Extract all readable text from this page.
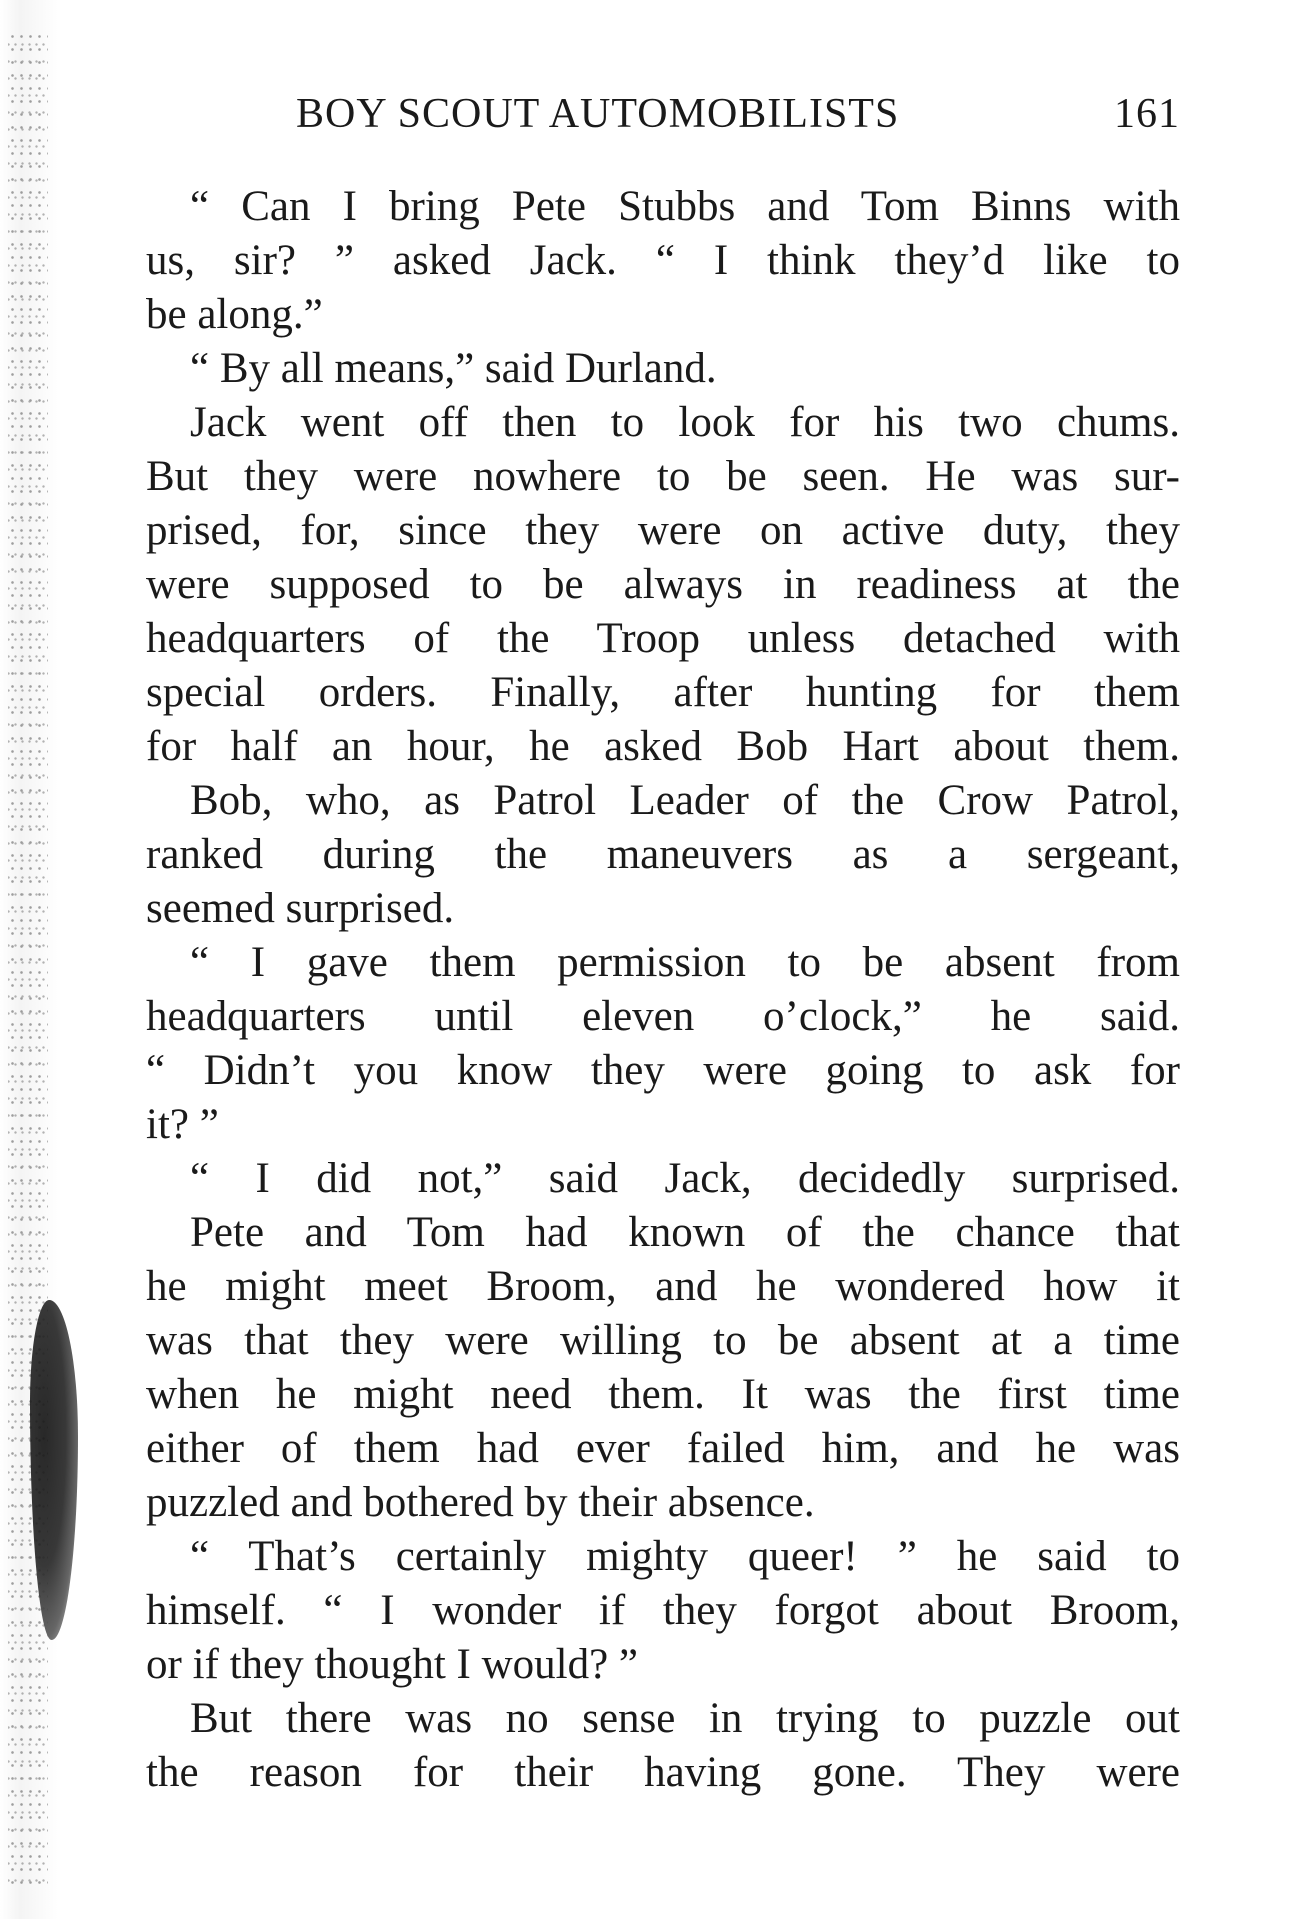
BOY SCOUT AUTOMOBILISTS	161
“ Can I bring Pete Stubbs and Tom Binns with
us, sir? ” asked Jack. “ I think they’d like to
be along.”
“ By all means,” said Durland.
Jack went off then to look for his two chums.
But they were nowhere to be seen. He was sur-
prised, for, since they were on active duty, they
were supposed to be always in readiness at the
headquarters of the Troop unless detached with
special orders. Finally, after hunting for them
for half an hour, he asked Bob Hart about them.
Bob, who, as Patrol Leader of the Crow Patrol,
ranked during the maneuvers as a sergeant,
seemed surprised.
“ I gave them permission to be absent from
headquarters until eleven o’clock,” he said.
“ Didn’t you know they were going to ask for
it? ”
“ I did not,” said Jack, decidedly surprised.
Pete and Tom had known of the chance that
he might meet Broom, and he wondered how it
was that they were willing to be absent at a time
when he might need them. It was the first time
either of them had ever failed him, and he was
puzzled and bothered by their absence.
“ That’s certainly mighty queer! ” he said to
himself. “ I wonder if they forgot about Broom,
or if they thought I would? ”
But there was no sense in trying to puzzle out
the reason for their having gone. They were
